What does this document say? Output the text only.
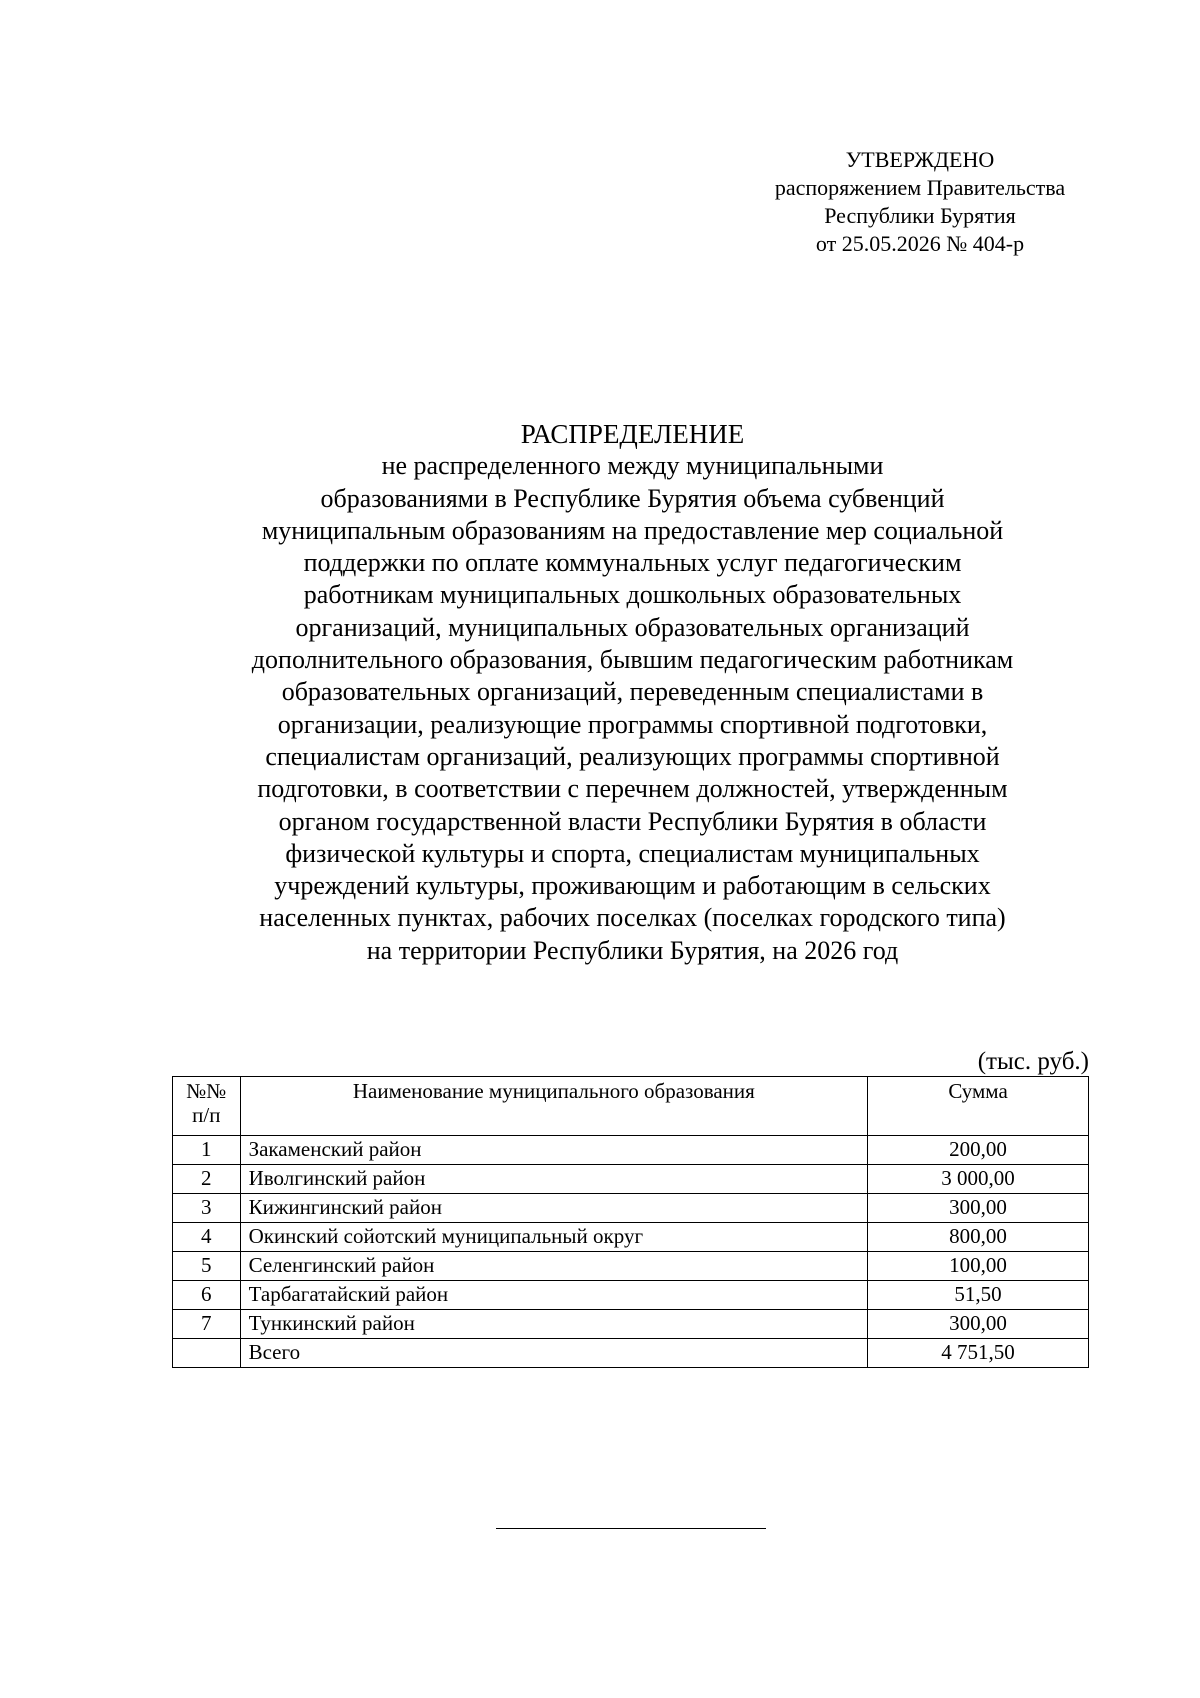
УТВЕРЖДЕНО
распоряжением Правительства
Республики Бурятия
от 25.05.2026 № 404-р
РАСПРЕДЕЛЕНИЕ
не распределенного между муниципальными
образованиями в Республике Бурятия объема субвенций
муниципальным образованиям на предоставление мер социальной
поддержки по оплате коммунальных услуг педагогическим
работникам муниципальных дошкольных образовательных
организаций, муниципальных образовательных организаций
дополнительного образования, бывшим педагогическим работникам
образовательных организаций, переведенным специалистами в
организации, реализующие программы спортивной подготовки,
специалистам организаций, реализующих программы спортивной
подготовки, в соответствии с перечнем должностей, утвержденным
органом государственной власти Республики Бурятия в области
физической культуры и спорта, специалистам муниципальных
учреждений культуры, проживающим и работающим в сельских
населенных пунктах, рабочих поселках (поселках городского типа)
на территории Республики Бурятия, на 2026 год
(тыс. руб.)
№№
п/п	Наименование муниципального образования	Сумма
1	Закаменский район	200,00
2	Иволгинский район	3 000,00
3	Кижингинский район	300,00
4	Окинский сойотский муниципальный округ	800,00
5	Селенгинский район	100,00
6	Тарбагатайский район	51,50
7	Тункинский район	300,00
	Всего	4 751,50
